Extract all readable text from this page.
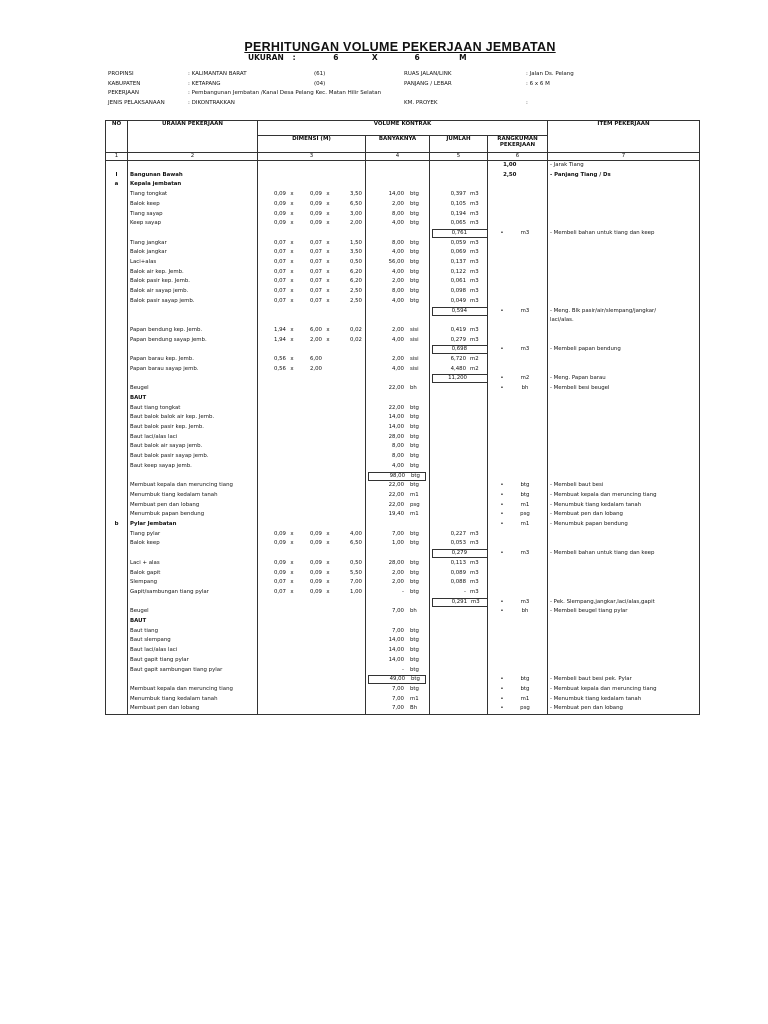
PERHITUNGAN VOLUME PEKERJAAN JEMBATAN
UKURAN :	6	X	6	M
PROPINSI	: KALIMANTAN BARAT	(61)
KABUPATEN	: KETAPANG	(04)
PEKERJAAN	: Pembangunan Jembatan /Kanal Desa Pelang Kec. Matan Hilir Selatan
JENIS PELAKSANAAN	: DIKONTRAKKAN
RUAS JALAN/LINK	: Jalan Ds. Pelang
PANJANG / LEBAR	: 6 x 6 M
KM. PROYEK	:
NO	URAIAN PEKERJAAN	VOLUME KONTRAK				ITEM PEKERJAAN
		DIMENSI (M)	BANYAKNYA	JUMLAH	RANGKUMAN PEKERJAAN	
1	2	3	4	5	6	7

					1,00	- Jarak Tiang
I	Bangunan Bawah				2,50	- Panjang Tiang / Ds
a	Kepala jembatan				

	Tiang tongkat	0,09 x 0,09 x 3,50	14,00 btg	0,397 m3	

	Balok keep	0,09 x 0,09 x 6,50	2,00 btg	0,105 m3	

	Tiang sayap	0,09 x 0,09 x 3,00	8,00 btg	0,194 m3	

	Keep sayap	0,09 x 0,09 x 2,00	4,00 btg	0,065 m3	

				0,761	• m3	- Membeli bahan untuk tiang dan keep
	Tiang jangkar	0,07 x 0,07 x 1,50	8,00 btg	0,059 m3	

	Balok jangkar	0,07 x 0,07 x 3,50	4,00 btg	0,069 m3	

	Laci+alas	0,07 x 0,07 x 0,50	56,00 btg	0,137 m3	

	Balok air kep. Jemb.	0,07 x 0,07 x 6,20	4,00 btg	0,122 m3	

	Balok pasir kep. Jemb.	0,07 x 0,07 x 6,20	2,00 btg	0,061 m3	

	Balok air sayap jemb.	0,07 x 0,07 x 2,50	8,00 btg	0,098 m3	

	Balok pasir sayap jemb.	0,07 x 0,07 x 2,50	4,00 btg	0,049 m3	

				0,594	• m3	- Meng. Blk pasir/air/slempang/jangkar/

	laci/alas.
	Papan bendung kep. Jemb.	1,94 x 6,00 x 0,02	2,00 sisi	0,419 m3	

	Papan bendung sayap jemb.	1,94 x 2,00 x 0,02	4,00 sisi	0,279 m3	

				0,698	• m3	- Membeli papan bendung
	Papan barau kep. Jemb.	0,56 x 6,00	2,00 sisi	6,720 m2	

	Papan barau sayap jemb.	0,56 x 2,00	4,00 sisi	4,480 m2	

				11,200	• m2	- Meng. Papan barau
	Beugel		22,00 bh		• bh	- Membeli besi beugel
	BAUT				

	Baut tiang tongkat		22,00 btg		

	Baut balok balok air kep. Jemb.		14,00 btg		

	Baut balok pasir kep. Jemb.		14,00 btg		

	Baut laci/alas laci		28,00 btg		

	Baut balok air sayap jemb.		8,00 btg		

	Baut balok pasir sayap jemb.		8,00 btg		

	Baut keep sayap jemb.		4,00 btg		

			98,00 btg		

	Membuat kepala dan meruncing tiang		22,00 btg		• btg	- Membeli baut besi
	Menumbuk tiang kedalam tanah		22,00 m1		• btg	- Membuat kepala dan meruncing tiang
	Membuat pen dan lobang		22,00 psg		• m1	- Menumbuk tiang kedalam tanah
	Menumbuk papan bendung		19,40 m1		• psg	- Membuat pen dan lobang
b	Pylar Jembatan				• m1	- Menumbuk papan bendung
	Tiang pylar	0,09 x 0,09 x 4,00	7,00 btg	0,227 m3	

	Balok keep	0,09 x 0,09 x 6,50	1,00 btg	0,053 m3	

				0,279	• m3	- Membeli bahan untuk tiang dan keep
	Laci + alas	0,09 x 0,09 x 0,50	28,00 btg	0,113 m3	

	Balok gapit	0,09 x 0,09 x 5,50	2,00 btg	0,089 m3	

	Slempang	0,07 x 0,09 x 7,00	2,00 btg	0,088 m3	

	Gapit/sambungan tiang pylar	0,07 x 0,09 x 1,00	- btg	- m3	

				0,291 m3	• m3	- Pek. Slempang,jangkar,laci/alas,gapit
	Beugel		7,00 bh		• bh	- Membeli beugel tiang pylar
	BAUT				

	Baut tiang		7,00 btg		

	Baut slempang		14,00 btg		

	Baut laci/alas laci		14,00 btg		

	Baut gapit tiang pylar		14,00 btg		

	Baut gapit sambungan tiang pylar		- btg		

			49,00 btg		• btg	- Membeli baut besi pek. Pylar
	Membuat kepala dan meruncing tiang		7,00 btg		• btg	- Membuat kepala dan meruncing tiang
	Menumbuk tiang kedalam tanah		7,00 m1		• m1	- Menumbuk tiang kedalam tanah
	Membuat pen dan lobang		7,00 Bh		• psg	- Membuat pen dan lobang
